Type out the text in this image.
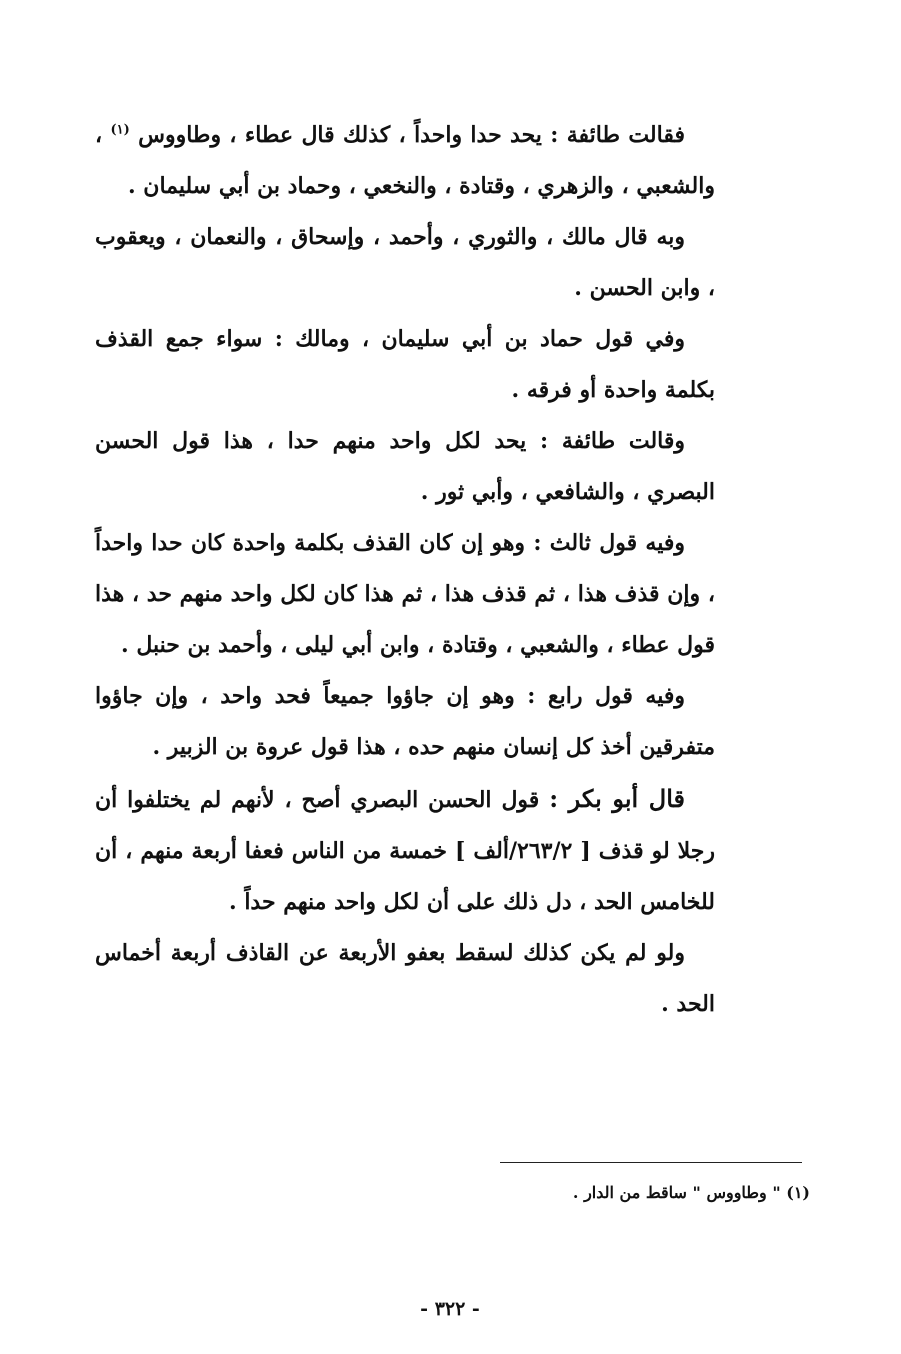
فقالت طائفة : يحد حدا واحداً ، كذلك قال عطاء ، وطاووس $^{(١)}$ ، والشعبي ، والزهري ، وقتادة ، والنخعي ، وحماد بن أبي سليمان .

وبه قال مالك ، والثوري ، وأحمد ، وإسحاق ، والنعمان ، ويعقوب ، وابن الحسن .

وفي قول حماد بن أبي سليمان ، ومالك : سواء جمع القذف بكلمة واحدة أو فرقه .

وقالت طائفة : يحد لكل واحد منهم حدا ، هذا قول الحسن البصري ، والشافعي ، وأبي ثور .

وفيه قول ثالث : وهو إن كان القذف بكلمة واحدة كان حدا واحداً ، وإن قذف هذا ، ثم قذف هذا ، ثم هذا كان لكل واحد منهم حد ، هذا قول عطاء ، والشعبي ، وقتادة ، وابن أبي ليلى ، وأحمد بن حنبل .

وفيه قول رابع : وهو إن جاؤوا جميعاً فحد واحد ، وإن جاؤوا متفرقين أخذ كل إنسان منهم حده ، هذا قول عروة بن الزبير .

قال أبو بكر : قول الحسن البصري أصح ، لأنهم لم يختلفوا أن رجلا لو قذف [ ٢٦٣/٢/ألف ] خمسة من الناس فعفا أربعة منهم ، أن للخامس الحد ، دل ذلك على أن لكل واحد منهم حداً .

ولو لم يكن كذلك لسقط بعفو الأربعة عن القاذف أربعة أخماس الحد .

(١) " وطاووس " ساقط من الدار .
- ٣٢٢ -
